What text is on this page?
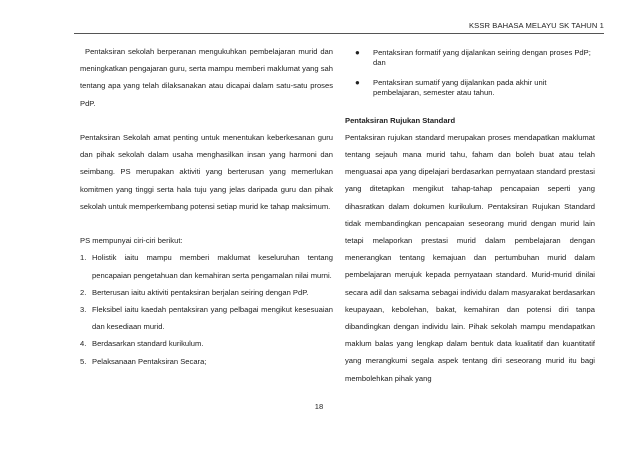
KSSR BAHASA MELAYU SK TAHUN 1

Pentaksiran sekolah berperanan mengukuhkan pembelajaran murid dan meningkatkan pengajaran guru, serta mampu memberi maklumat yang sah tentang apa yang telah dilaksanakan atau dicapai dalam satu-satu proses PdP.

Pentaksiran Sekolah amat penting untuk menentukan keberkesanan guru dan pihak sekolah dalam usaha menghasilkan insan yang harmoni dan seimbang. PS merupakan aktiviti yang berterusan yang memerlukan komitmen yang tinggi serta hala tuju yang jelas daripada guru dan pihak sekolah untuk memperkembang potensi setiap murid ke tahap maksimum.

PS mempunyai ciri-ciri berikut:

1. Holistik iaitu mampu memberi maklumat keseluruhan tentang pencapaian pengetahuan dan kemahiran serta pengamalan nilai murni.
2. Berterusan iaitu aktiviti pentaksiran berjalan seiring dengan PdP.
3. Fleksibel iaitu kaedah pentaksiran yang pelbagai mengikut kesesuaian dan kesediaan murid.
4. Berdasarkan standard kurikulum.
5. Pelaksanaan Pentaksiran Secara;
● Pentaksiran formatif yang dijalankan seiring dengan proses PdP; dan
● Pentaksiran sumatif yang dijalankan pada akhir unit pembelajaran, semester atau tahun.

Pentaksiran Rujukan Standard

Pentaksiran rujukan standard merupakan proses mendapatkan maklumat tentang sejauh mana murid tahu, faham dan boleh buat atau telah menguasai apa yang dipelajari berdasarkan pernyataan standard prestasi yang ditetapkan mengikut tahap-tahap pencapaian seperti yang dihasratkan dalam dokumen kurikulum. Pentaksiran Rujukan Standard tidak membandingkan pencapaian seseorang murid dengan murid lain tetapi melaporkan prestasi murid dalam pembelajaran dengan menerangkan tentang kemajuan dan pertumbuhan murid dalam pembelajaran merujuk kepada pernyataan standard. Murid-murid dinilai secara adil dan saksama sebagai individu dalam masyarakat berdasarkan keupayaan, kebolehan, bakat, kemahiran dan potensi diri tanpa dibandingkan dengan individu lain. Pihak sekolah mampu mendapatkan maklum balas yang lengkap dalam bentuk data kualitatif dan kuantitatif yang merangkumi segala aspek tentang diri seseorang murid itu bagi membolehkan pihak yang

18
